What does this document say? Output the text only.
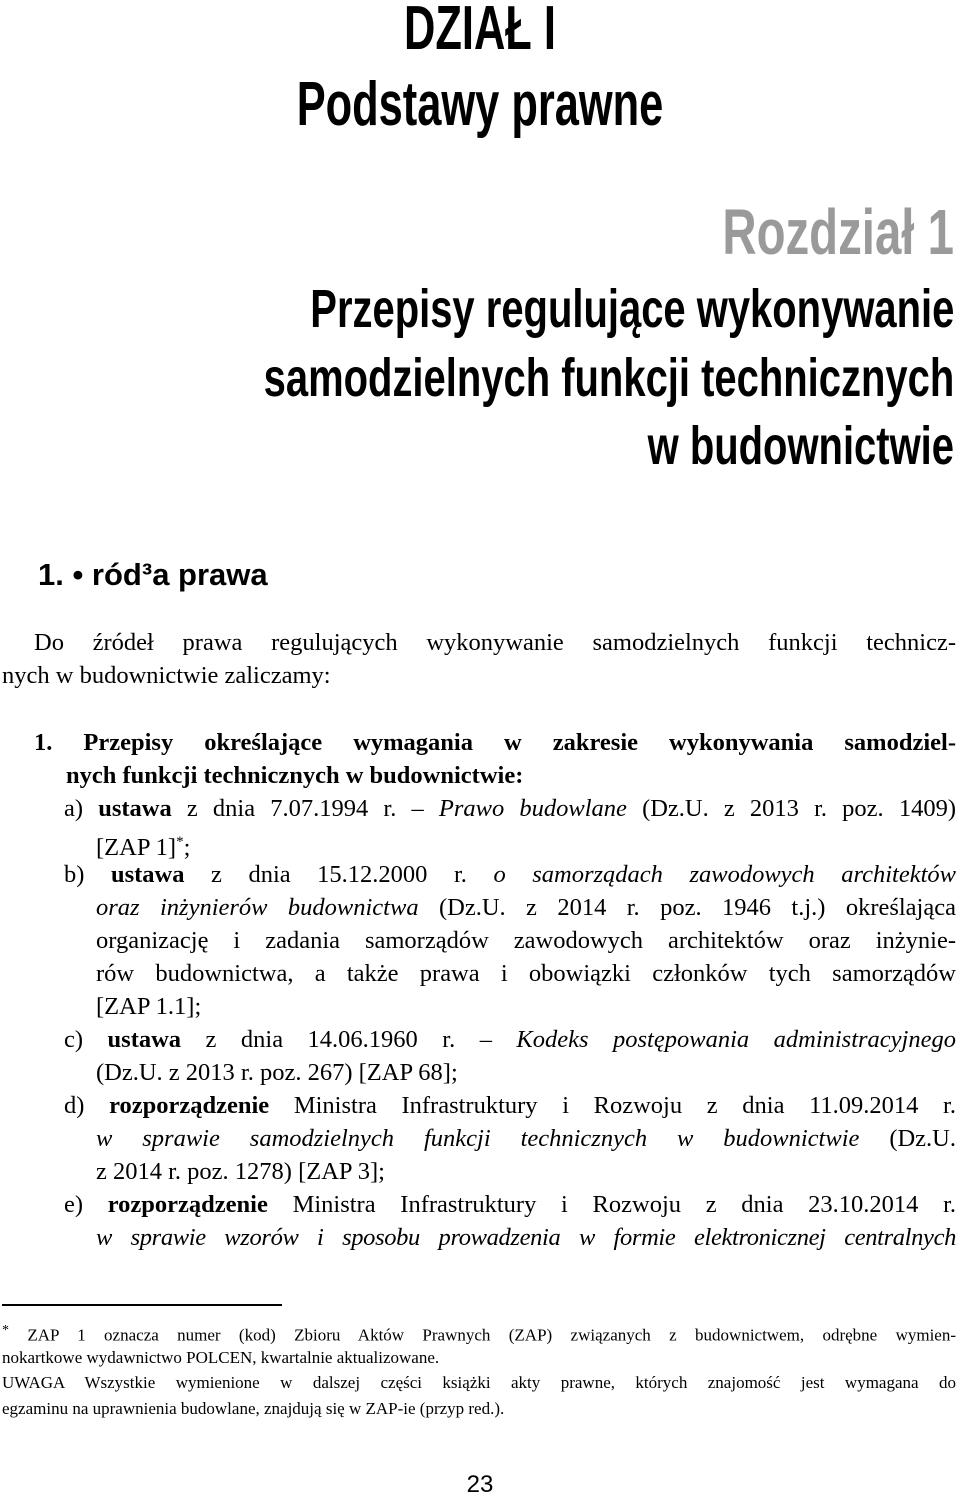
DZIAŁ I
Podstawy prawne
Rozdział 1
Przepisy regulujące wykonywanie
samodzielnych funkcji technicznych
w budownictwie
1. • ród³a prawa
Do źródeł prawa regulujących wykonywanie samodzielnych funkcji technicz-
nych w budownictwie zaliczamy:
1. Przepisy określające wymagania w zakresie wykonywania samodziel-
nych funkcji technicznych w budownictwie:
a) ustawa z dnia 7.07.1994 r. – Prawo budowlane (Dz.U. z 2013 r. poz. 1409)
[ZAP 1]*;
b) ustawa z dnia 15.12.2000 r. o samorządach zawodowych architektów
oraz inżynierów budownictwa (Dz.U. z 2014 r. poz. 1946 t.j.) określająca
organizację i zadania samorządów zawodowych architektów oraz inżynie-
rów budownictwa, a także prawa i obowiązki członków tych samorządów
[ZAP 1.1];
c) ustawa z dnia 14.06.1960 r. – Kodeks postępowania administracyjnego
(Dz.U. z 2013 r. poz. 267) [ZAP 68];
d) rozporządzenie Ministra Infrastruktury i Rozwoju z dnia 11.09.2014 r.
w sprawie samodzielnych funkcji technicznych w budownictwie (Dz.U.
z 2014 r. poz. 1278) [ZAP 3];
e) rozporządzenie Ministra Infrastruktury i Rozwoju z dnia 23.10.2014 r.
w sprawie wzorów i sposobu prowadzenia w formie elektronicznej centralnych
* ZAP 1 oznacza numer (kod) Zbioru Aktów Prawnych (ZAP) związanych z budownictwem, odrębne wymien-
nokartkowe wydawnictwo POLCEN, kwartalnie aktualizowane.
UWAGA Wszystkie wymienione w dalszej części książki akty prawne, których znajomość jest wymagana do
egzaminu na uprawnienia budowlane, znajdują się w ZAP-ie (przyp red.).
23
